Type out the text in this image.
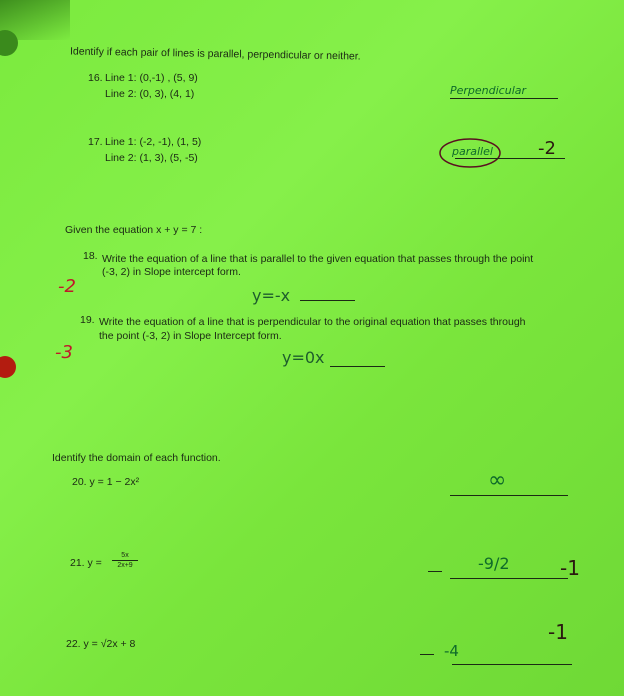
Identify if each pair of lines is parallel, perpendicular or neither.
16. Line 1: (0,-1) , (5, 9)
Line 2: (0, 3), (4, 1)	Perpendicular
17. Line 1: (-2, -1), (1, 5)
Line 2: (1, 3), (5, -5)	parallel	-2
Given the equation x + y = 7 :
18. Write the equation of a line that is parallel to the given equation that passes through the point
(-3, 2) in Slope intercept form.
-2	y=-x
19. Write the equation of a line that is perpendicular to the original equation that passes through
the point (-3, 2) in Slope Intercept form.
-3	y=0x
Identify the domain of each function.
20. y = 1 − 2x²	∞
21. $y = \frac{5x}{2x+9}$	-9/2	-1
22. y = √2x + 8	-4
-1
